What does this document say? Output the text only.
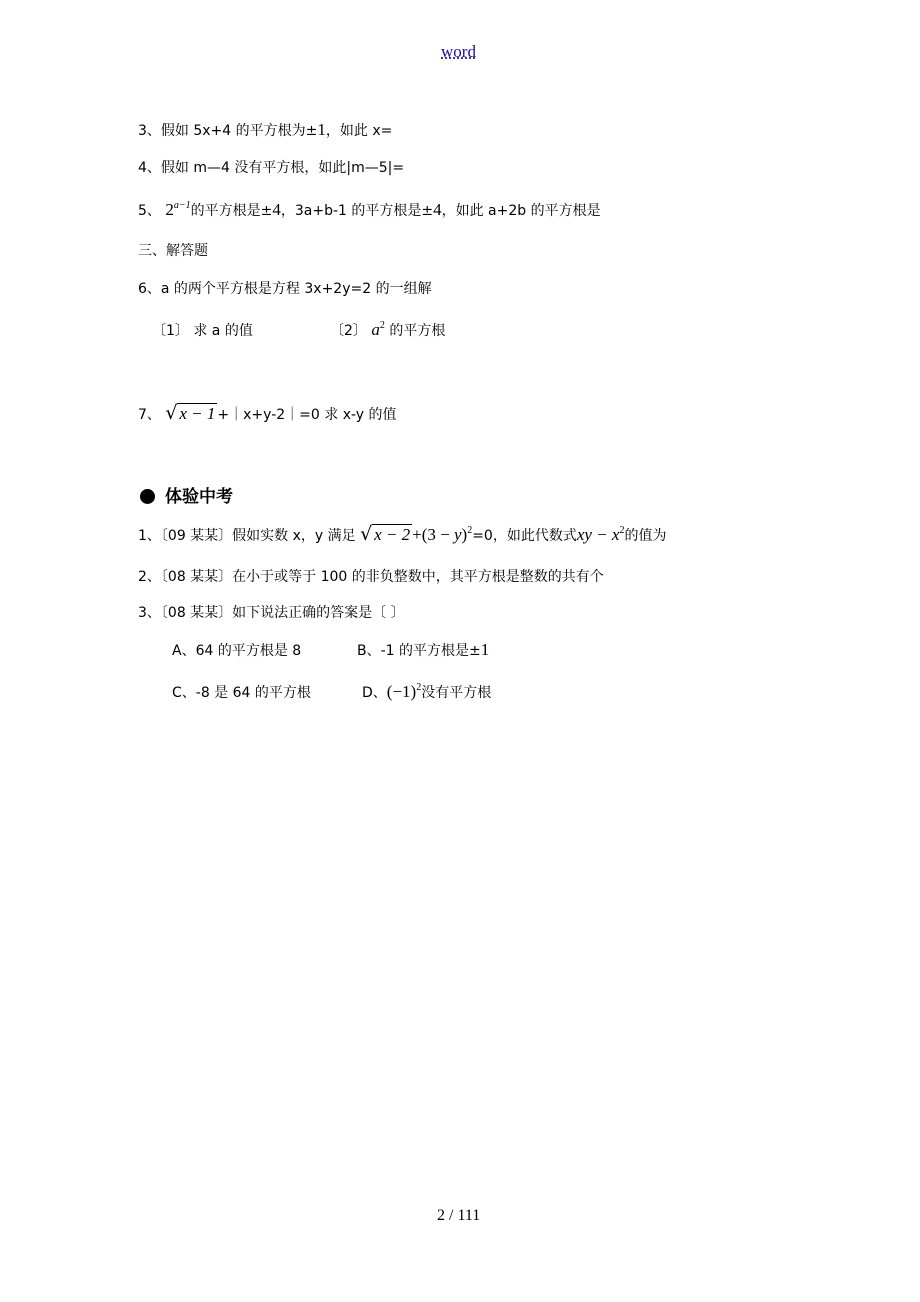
word
3、假如 5x+4 的平方根为±1，如此 x=
4、假如 m—4 没有平方根，如此|m—5|=
5、 $2^{a-1}$的平方根是±4，3a+b-1 的平方根是±4，如此 a+2b 的平方根是
三、解答题
6、a 的两个平方根是方程 3x+2y=2 的一组解
〔1〕 求 a 的值	〔2〕 $a^2$ 的平方根
7、 √ x − 1 +｜x+y-2｜=0 求 x-y 的值
体验中考
1、〔09 某某〕假如实数 x，y 满足 √ $x - 2 +(3 - y)^2=0$，如此代数式xy − $x^2$的值为
2、〔08 某某〕在小于或等于 100 的非负整数中，其平方根是整数的共有个
3、〔08 某某〕如下说法正确的答案是〔 〕
A、64 的平方根是 8	B、-1 的平方根是±1
C、-8 是 64 的平方根	D、$(-1)^2$没有平方根
2 / 111
